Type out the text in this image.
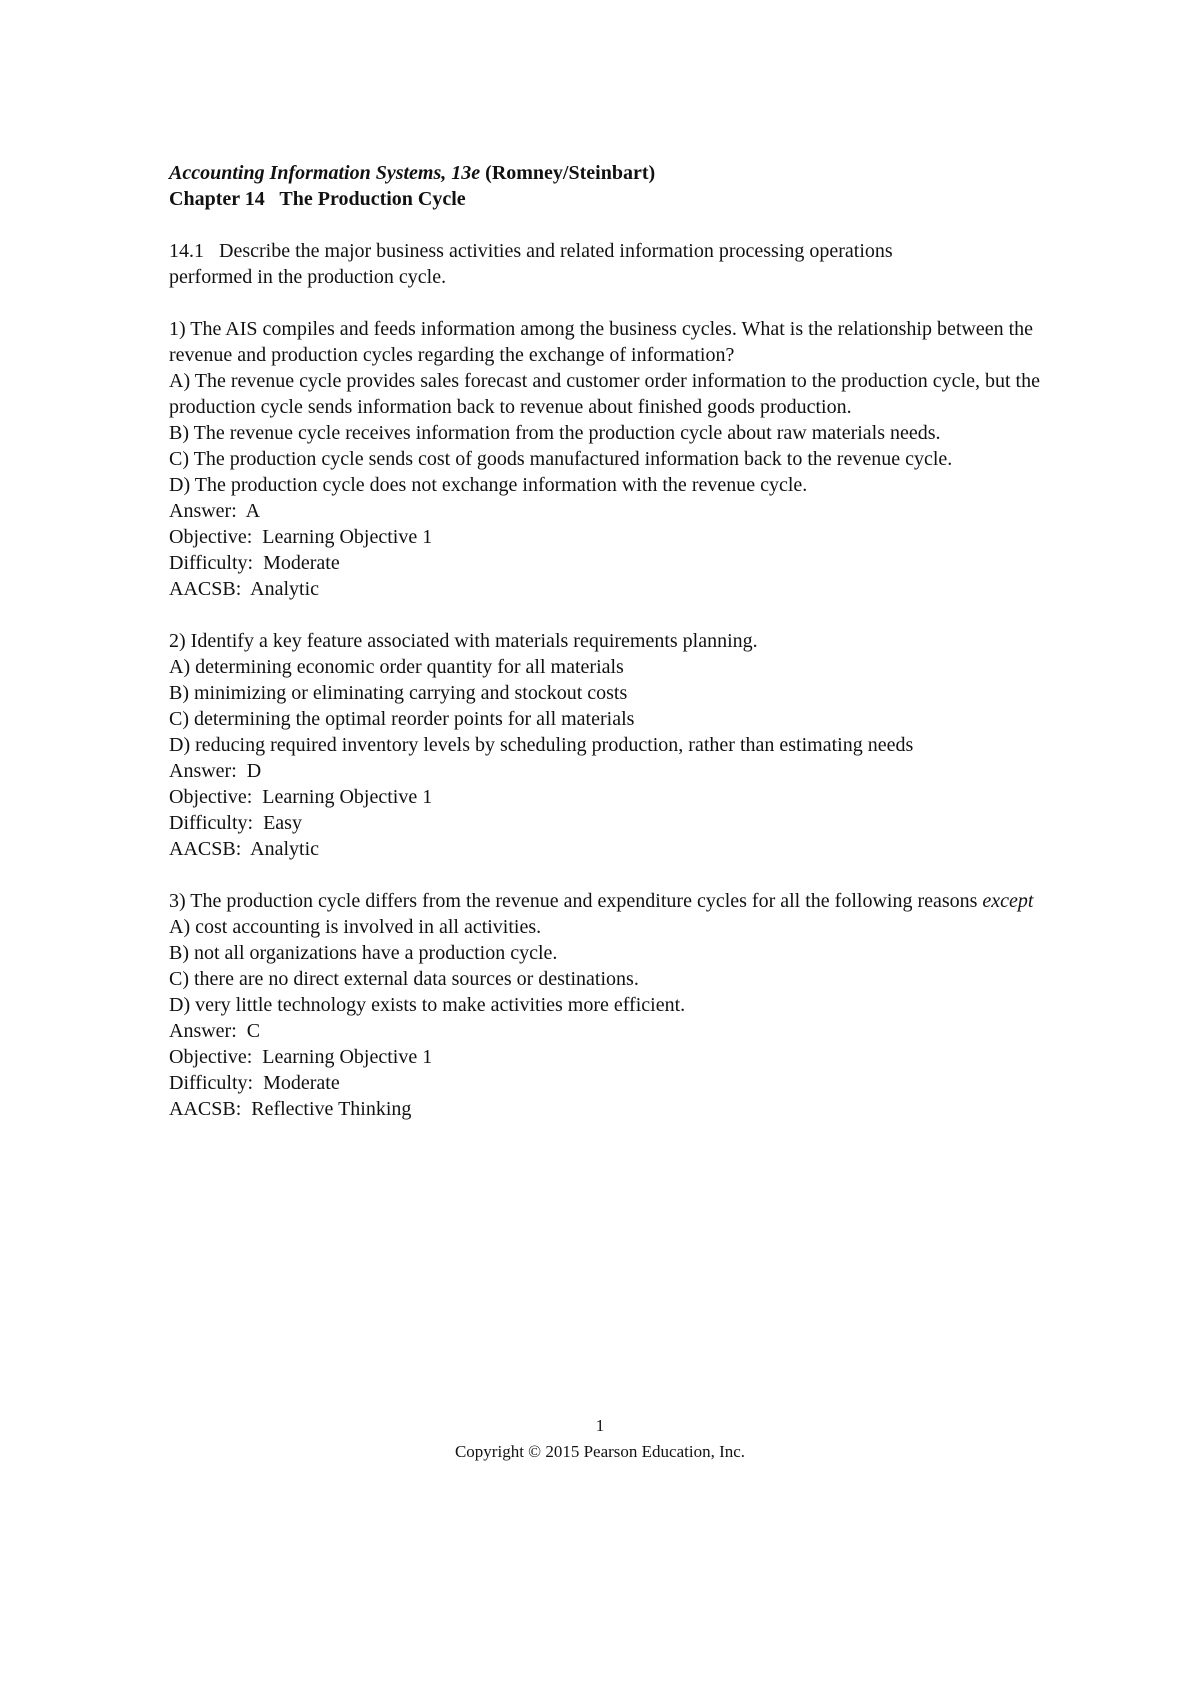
Accounting Information Systems, 13e (Romney/Steinbart)
Chapter 14   The Production Cycle
14.1   Describe the major business activities and related information processing operations
performed in the production cycle.
1) The AIS compiles and feeds information among the business cycles. What is the relationship between the revenue and production cycles regarding the exchange of information?
A) The revenue cycle provides sales forecast and customer order information to the production cycle, but the production cycle sends information back to revenue about finished goods production.
B) The revenue cycle receives information from the production cycle about raw materials needs.
C) The production cycle sends cost of goods manufactured information back to the revenue cycle.
D) The production cycle does not exchange information with the revenue cycle.
Answer:  A
Objective:  Learning Objective 1
Difficulty:  Moderate
AACSB:  Analytic
2) Identify a key feature associated with materials requirements planning.
A) determining economic order quantity for all materials
B) minimizing or eliminating carrying and stockout costs
C) determining the optimal reorder points for all materials
D) reducing required inventory levels by scheduling production, rather than estimating needs
Answer:  D
Objective:  Learning Objective 1
Difficulty:  Easy
AACSB:  Analytic
3) The production cycle differs from the revenue and expenditure cycles for all the following reasons except
A) cost accounting is involved in all activities.
B) not all organizations have a production cycle.
C) there are no direct external data sources or destinations.
D) very little technology exists to make activities more efficient.
Answer:  C
Objective:  Learning Objective 1
Difficulty:  Moderate
AACSB:  Reflective Thinking
1
Copyright © 2015 Pearson Education, Inc.
